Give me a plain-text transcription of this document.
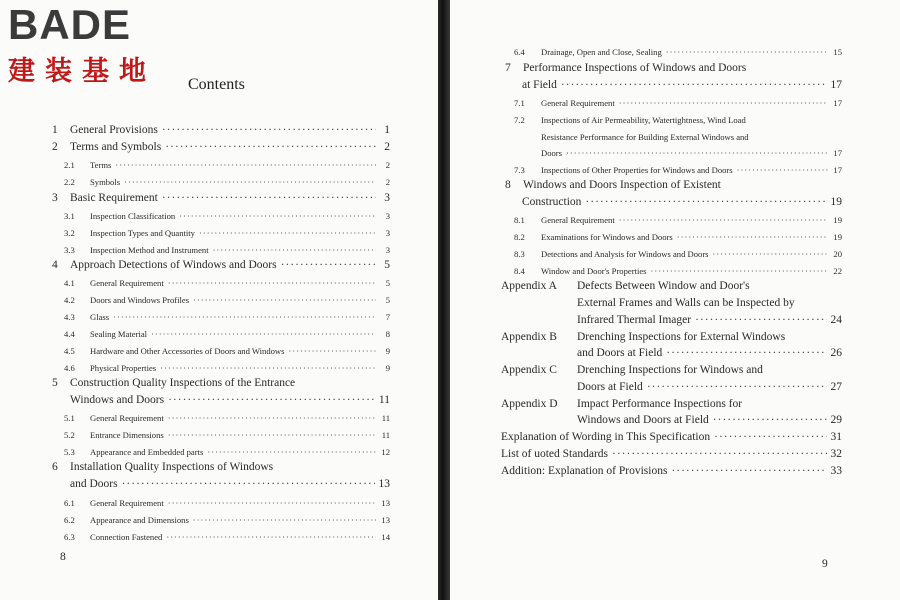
BADE
建装基地	Contents
1	General Provisions ·····	1
2	Terms and Symbols ·····	2
2.1	Terms ·····	2
2.2	Symbols ·····	2
3	Basic Requirement ·····	3
3.1	Inspection Classification ·····	3
3.2	Inspection Types and Quantity ·····	3
3.3	Inspection Method and Instrument ·····	3
4	Approach Detections of Windows and Doors ·····	5
4.1	General Requirement ·····	5
4.2	Doors and Windows Profiles ·····	5
4.3	Glass ·····	7
4.4	Sealing Material ·····	8
4.5	Hardware and Other Accessories of Doors and Windows ·····	9
4.6	Physical Properties ·····	9
5	Construction Quality Inspections of the Entrance
Windows and Doors ·····	11
5.1	General Requirement ·····	11
5.2	Entrance Dimensions ·····	11
5.3	Appearance and Embedded parts ·····	12
6	Installation Quality Inspections of Windows
and Doors ·····	13
6.1	General Requirement ·····	13
6.2	Appearance and Dimensions ·····	13
6.3	Connection Fastened ·····	14
8
6.4	Drainage, Open and Close, Sealing ·····	15
7	Performance Inspections of Windows and Doors
at Field ·····	17
7.1	General Requirement ·····	17
7.2	Inspections of Air Permeability, Watertightness, Wind Load
Resistance Performance for Building External Windows and
Doors ·····	17
7.3	Inspections of Other Properties for Windows and Doors ·····	17
8	Windows and Doors Inspection of Existent
Construction ·····	19
8.1	General Requirement ·····	19
8.2	Examinations for Windows and Doors ·····	19
8.3	Detections and Analysis for Windows and Doors ·····	20
8.4	Window and Door's Properties ·····	22
Appendix A	Defects Between Window and Door's
External Frames and Walls can be Inspected by
Infrared Thermal Imager ·····	24
Appendix B	Drenching Inspections for External Windows
and Doors at Field ·····	26
Appendix C	Drenching Inspections for Windows and
Doors at Field ·····	27
Appendix D	Impact Performance Inspections for
Windows and Doors at Field ·····	29
Explanation of Wording in This Specification ·····	31
List of uoted Standards ·····	32
Addition: Explanation of Provisions ·····	33
9
